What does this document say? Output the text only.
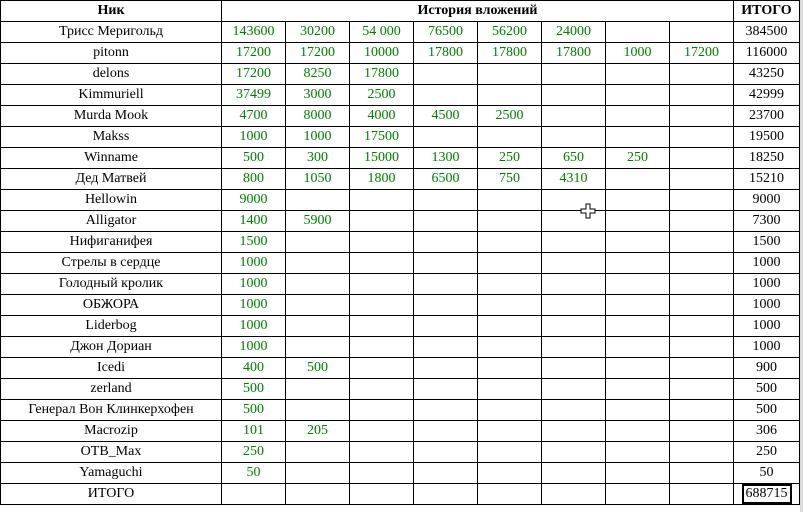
Ник	История вложений								ИТОГО
Трисс Меригольд	143600	30200	54 000	76500	56200	24000			384500
pitonn	17200	17200	10000	17800	17800	17800	1000	17200	116000
delons	17200	8250	17800						43250
Kimmuriell	37499	3000	2500						42999
Murda Mook	4700	8000	4000	4500	2500				23700
Makss	1000	1000	17500						19500
Winname	500	300	15000	1300	250	650	250		18250
Дед Матвей	800	1050	1800	6500	750	4310			15210
Hellowin	9000								9000
Alligator	1400	5900							7300
Нифиганифея	1500								1500
Стрелы в сердце	1000								1000
Голодный кролик	1000								1000
ОБЖОРА	1000								1000
Liderbog	1000								1000
Джон Дориан	1000								1000
Icedi	400	500							900
zerland	500								500
Генерал Вон Клинкерхофен	500								500
Macrozip	101	205							306
OTB_Max	250								250
Yamaguchi	50								50
ИТОГО									688715
